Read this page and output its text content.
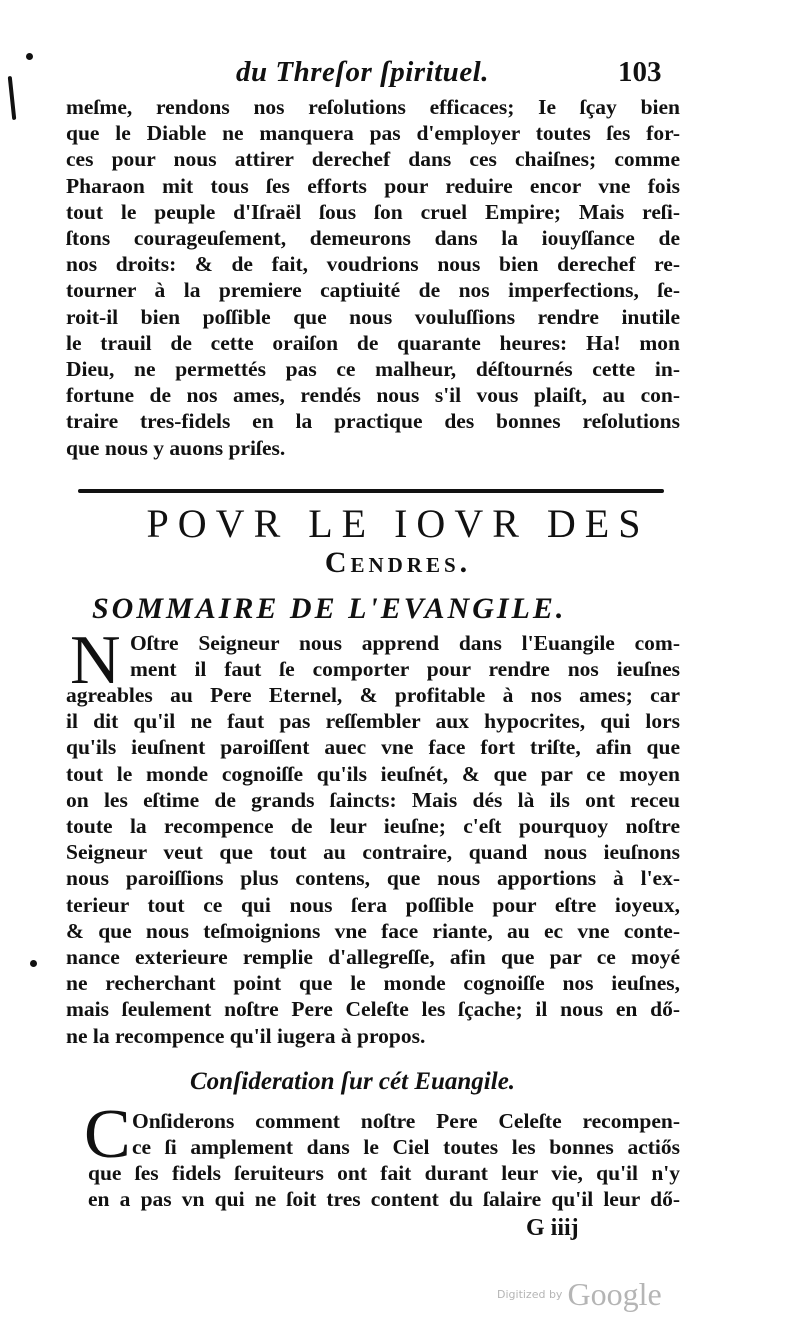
du Threſor ſpirituel.	103
meſme, rendons nos reſolutions efficaces; Ie ſçay bien
que le Diable ne manquera pas d'employer toutes ſes for-
ces pour nous attirer derechef dans ces chaiſnes; comme
Pharaon mit tous ſes efforts pour reduire encor vne fois
tout le peuple d'Iſraël ſous ſon cruel Empire; Mais reſi-
ſtons courageuſement, demeurons dans la iouyſſance de
nos droits: & de fait, voudrions nous bien derechef re-
tourner à la premiere captiuité de nos imperfections, ſe-
roit-il bien poſſible que nous vouluſſions rendre inutile
le trauil de cette oraiſon de quarante heures: Ha! mon
Dieu, ne permettés pas ce malheur, déſtournés cette in-
fortune de nos ames, rendés nous s'il vous plaiſt, au con-
traire tres-fidels en la practique des bonnes reſolutions
que nous y auons priſes.
POVR LE IOVR DES
Cendres.
SOMMAIRE DE L'EVANGILE.
N Oſtre Seigneur nous apprend dans l'Euangile com-
ment il faut ſe comporter pour rendre nos ieuſnes
agreables au Pere Eternel, & profitable à nos ames; car
il dit qu'il ne faut pas reſſembler aux hypocrites, qui lors
qu'ils ieuſnent paroiſſent auec vne face fort triſte, afin que
tout le monde cognoiſſe qu'ils ieuſnét, & que par ce moyen
on les eſtime de grands ſaincts: Mais dés là ils ont receu
toute la recompence de leur ieuſne; c'eſt pourquoy noſtre
Seigneur veut que tout au contraire, quand nous ieuſnons
nous paroiſſions plus contens, que nous apportions à l'ex-
terieur tout ce qui nous ſera poſſible pour eſtre ioyeux,
& que nous teſmoignions vne face riante, au ec vne conte-
nance exterieure remplie d'allegreſſe, afin que par ce moyé
ne recherchant point que le monde cognoiſſe nos ieuſnes,
mais ſeulement noſtre Pere Celeſte les ſçache; il nous en dő-
ne la recompence qu'il iugera à propos.
Conſideration ſur cét Euangile.
C Onſiderons comment noſtre Pere Celeſte recompen-
ce ſi amplement dans le Ciel toutes les bonnes actiős
que ſes fidels ſeruiteurs ont fait durant leur vie, qu'il n'y
en a pas vn qui ne ſoit tres content du ſalaire qu'il leur dő-
G iiij
Digitized by Google
